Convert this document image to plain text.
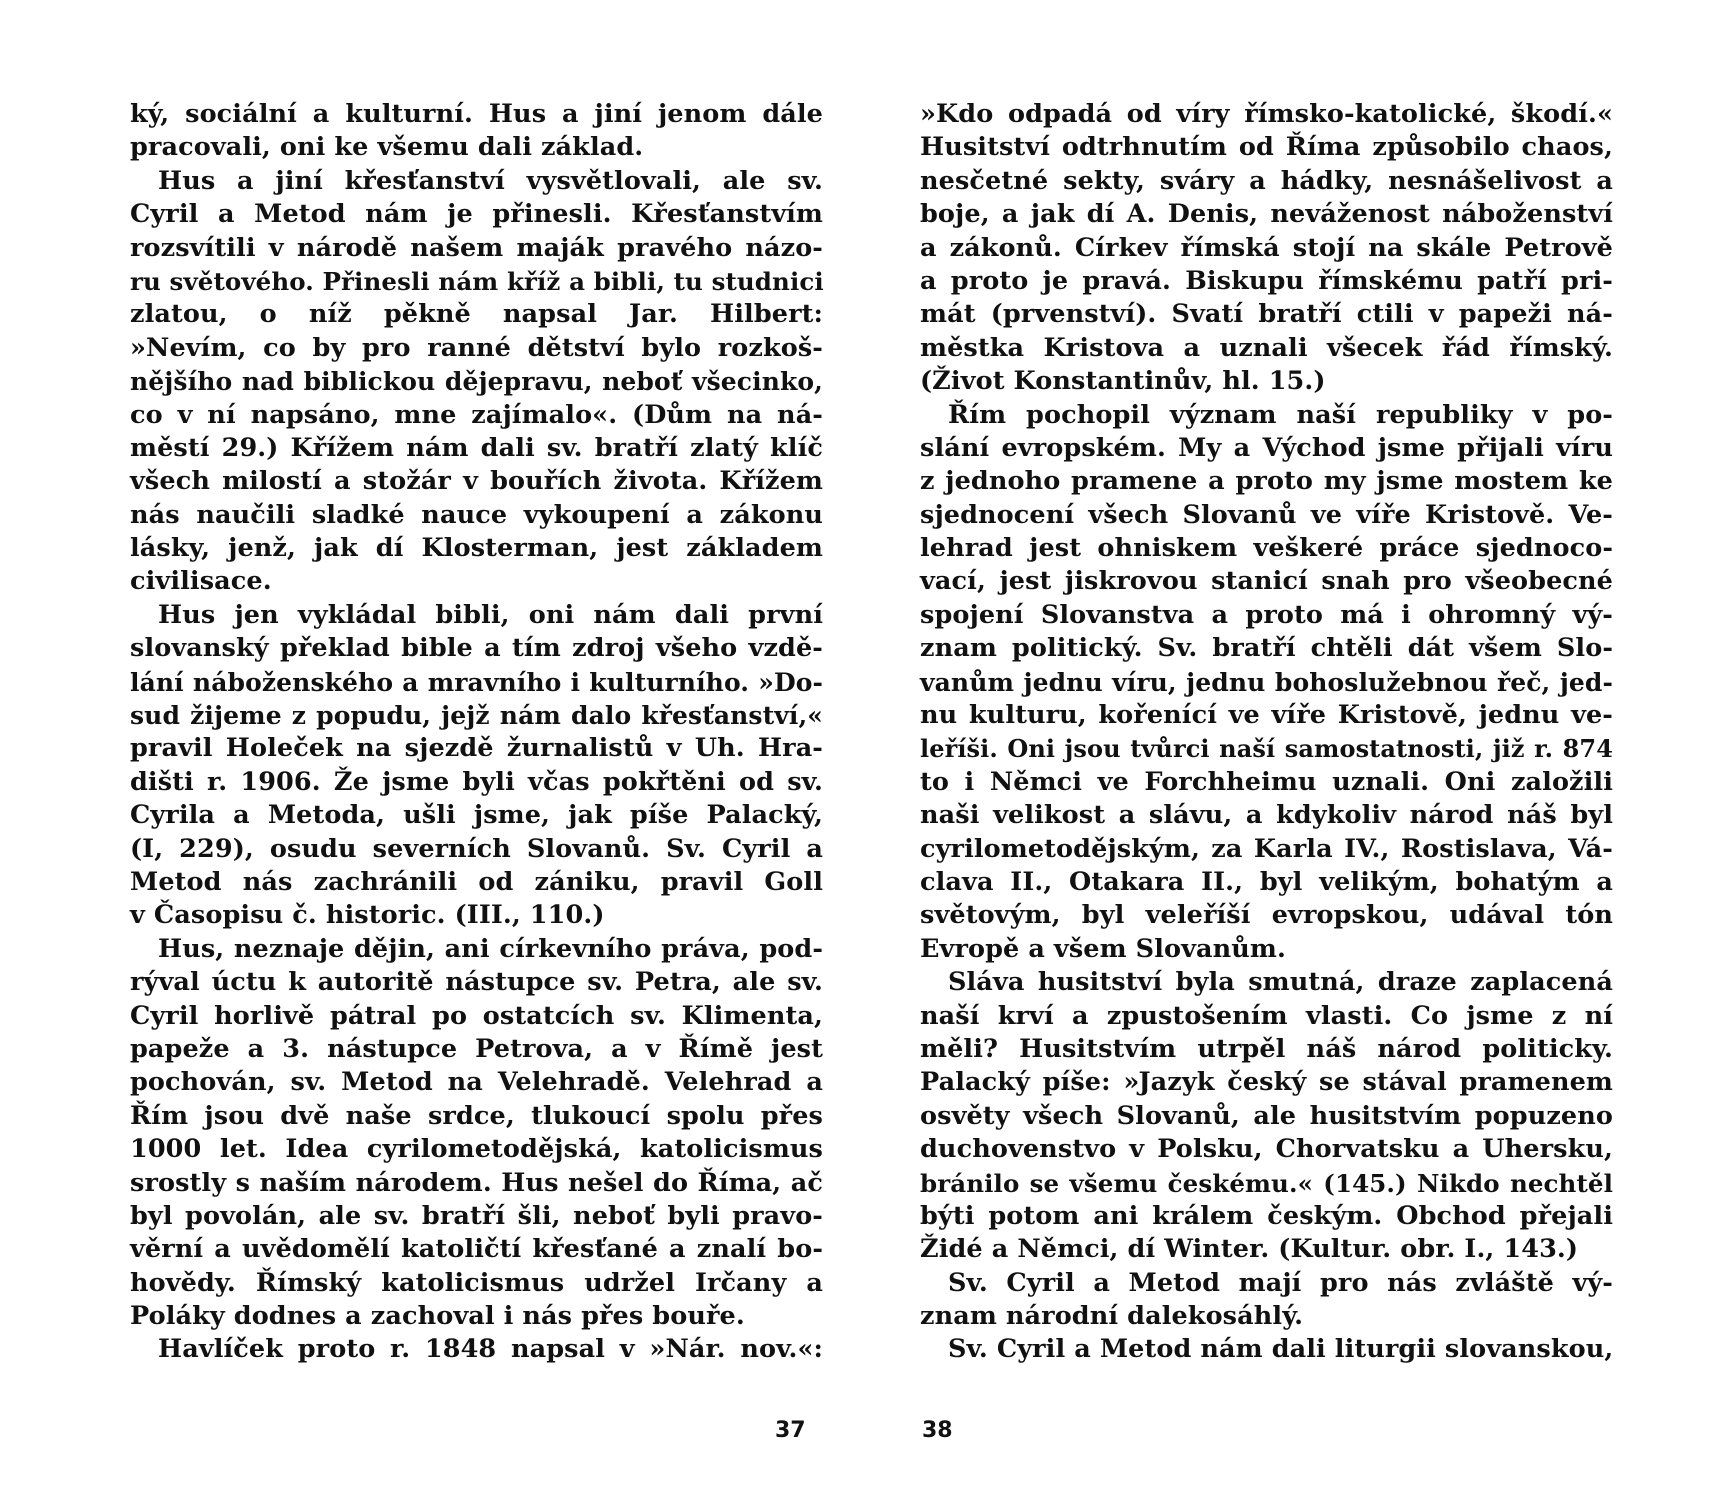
ký, sociální a kulturní. Hus a jiní jenom dále
pracovali, oni ke všemu dali základ.
Hus a jiní křesťanství vysvětlovali, ale sv.
Cyril a Metod nám je přinesli. Křesťanstvím
rozsvítili v národě našem maják pravého názo-
ru světového. Přinesli nám kříž a bibli, tu studnici
zlatou, o níž pěkně napsal Jar. Hilbert:
»Nevím, co by pro ranné dětství bylo rozkoš-
nějšího nad biblickou dějepravu, neboť všecinko,
co v ní napsáno, mne zajímalo«. (Dům na ná-
městí 29.) Křížem nám dali sv. bratří zlatý klíč
všech milostí a stožár v bouřích života. Křížem
nás naučili sladké nauce vykoupení a zákonu
lásky, jenž, jak dí Klosterman, jest základem
civilisace.
Hus jen vykládal bibli, oni nám dali první
slovanský překlad bible a tím zdroj všeho vzdě-
lání náboženského a mravního i kulturního. »Do-
sud žijeme z popudu, jejž nám dalo křesťanství,«
pravil Holeček na sjezdě žurnalistů v Uh. Hra-
dišti r. 1906. Že jsme byli včas pokřtěni od sv.
Cyrila a Metoda, ušli jsme, jak píše Palacký,
(I, 229), osudu severních Slovanů. Sv. Cyril a
Metod nás zachránili od zániku, pravil Goll
v Časopisu č. historic. (III., 110.)
Hus, neznaje dějin, ani církevního práva, pod-
rýval úctu k autoritě nástupce sv. Petra, ale sv.
Cyril horlivě pátral po ostatcích sv. Klimenta,
papeže a 3. nástupce Petrova, a v Římě jest
pochován, sv. Metod na Velehradě. Velehrad a
Řím jsou dvě naše srdce, tlukoucí spolu přes
1000 let. Idea cyrilometodějská, katolicismus
srostly s naším národem. Hus nešel do Říma, ač
byl povolán, ale sv. bratří šli, neboť byli pravo-
věrní a uvědomělí katoličtí křesťané a znalí bo-
hovědy. Římský katolicismus udržel Irčany a
Poláky dodnes a zachoval i nás přes bouře.
Havlíček proto r. 1848 napsal v »Nár. nov.«:
37
»Kdo odpadá od víry římsko-katolické, škodí.«
Husitství odtrhnutím od Říma způsobilo chaos,
nesčetné sekty, sváry a hádky, nesnášelivost a
boje, a jak dí A. Denis, neváženost náboženství
a zákonů. Církev římská stojí na skále Petrově
a proto je pravá. Biskupu římskému patří pri-
mát (prvenství). Svatí bratří ctili v papeži ná-
městka Kristova a uznali všecek řád římský.
(Život Konstantinův, hl. 15.)
Řím pochopil význam naší republiky v po-
slání evropském. My a Východ jsme přijali víru
z jednoho pramene a proto my jsme mostem ke
sjednocení všech Slovanů ve víře Kristově. Ve-
lehrad jest ohniskem veškeré práce sjednoco-
vací, jest jiskrovou stanicí snah pro všeobecné
spojení Slovanstva a proto má i ohromný vý-
znam politický. Sv. bratří chtěli dát všem Slo-
vanům jednu víru, jednu bohoslužebnou řeč, jed-
nu kulturu, kořenící ve víře Kristově, jednu ve-
leříši. Oni jsou tvůrci naší samostatnosti, již r. 874
to i Němci ve Forchheimu uznali. Oni založili
naši velikost a slávu, a kdykoliv národ náš byl
cyrilometodějským, za Karla IV., Rostislava, Vá-
clava II., Otakara II., byl velikým, bohatým a
světovým, byl veleříší evropskou, udával tón
Evropě a všem Slovanům.
Sláva husitství byla smutná, draze zaplacená
naší krví a zpustošením vlasti. Co jsme z ní
měli? Husitstvím utrpěl náš národ politicky.
Palacký píše: »Jazyk český se stával pramenem
osvěty všech Slovanů, ale husitstvím popuzeno
duchovenstvo v Polsku, Chorvatsku a Uhersku,
bránilo se všemu českému.« (145.) Nikdo nechtěl
býti potom ani králem českým. Obchod přejali
Židé a Němci, dí Winter. (Kultur. obr. I., 143.)
Sv. Cyril a Metod mají pro nás zvláště vý-
znam národní dalekosáhlý.
Sv. Cyril a Metod nám dali liturgii slovanskou,
38
